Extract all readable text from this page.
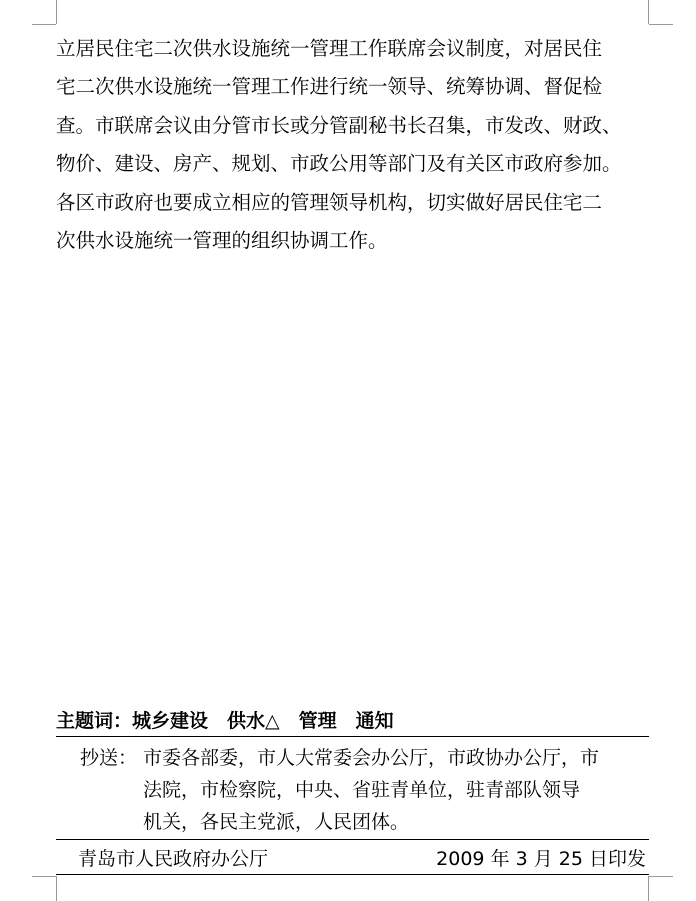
立居民住宅二次供水设施统一管理工作联席会议制度，对居民住
宅二次供水设施统一管理工作进行统一领导、统筹协调、督促检
查。市联席会议由分管市长或分管副秘书长召集，市发改、财政、
物价、建设、房产、规划、市政公用等部门及有关区市政府参加。
各区市政府也要成立相应的管理领导机构，切实做好居民住宅二
次供水设施统一管理的组织协调工作。

主题词：城乡建设　供水△　管理　通知
抄送： 市委各部委，市人大常委会办公厅，市政协办公厅，市
法院，市检察院，中央、省驻青单位，驻青部队领导
机关，各民主党派，人民团体。
青岛市人民政府办公厅	2009 年 3 月 25 日印发
